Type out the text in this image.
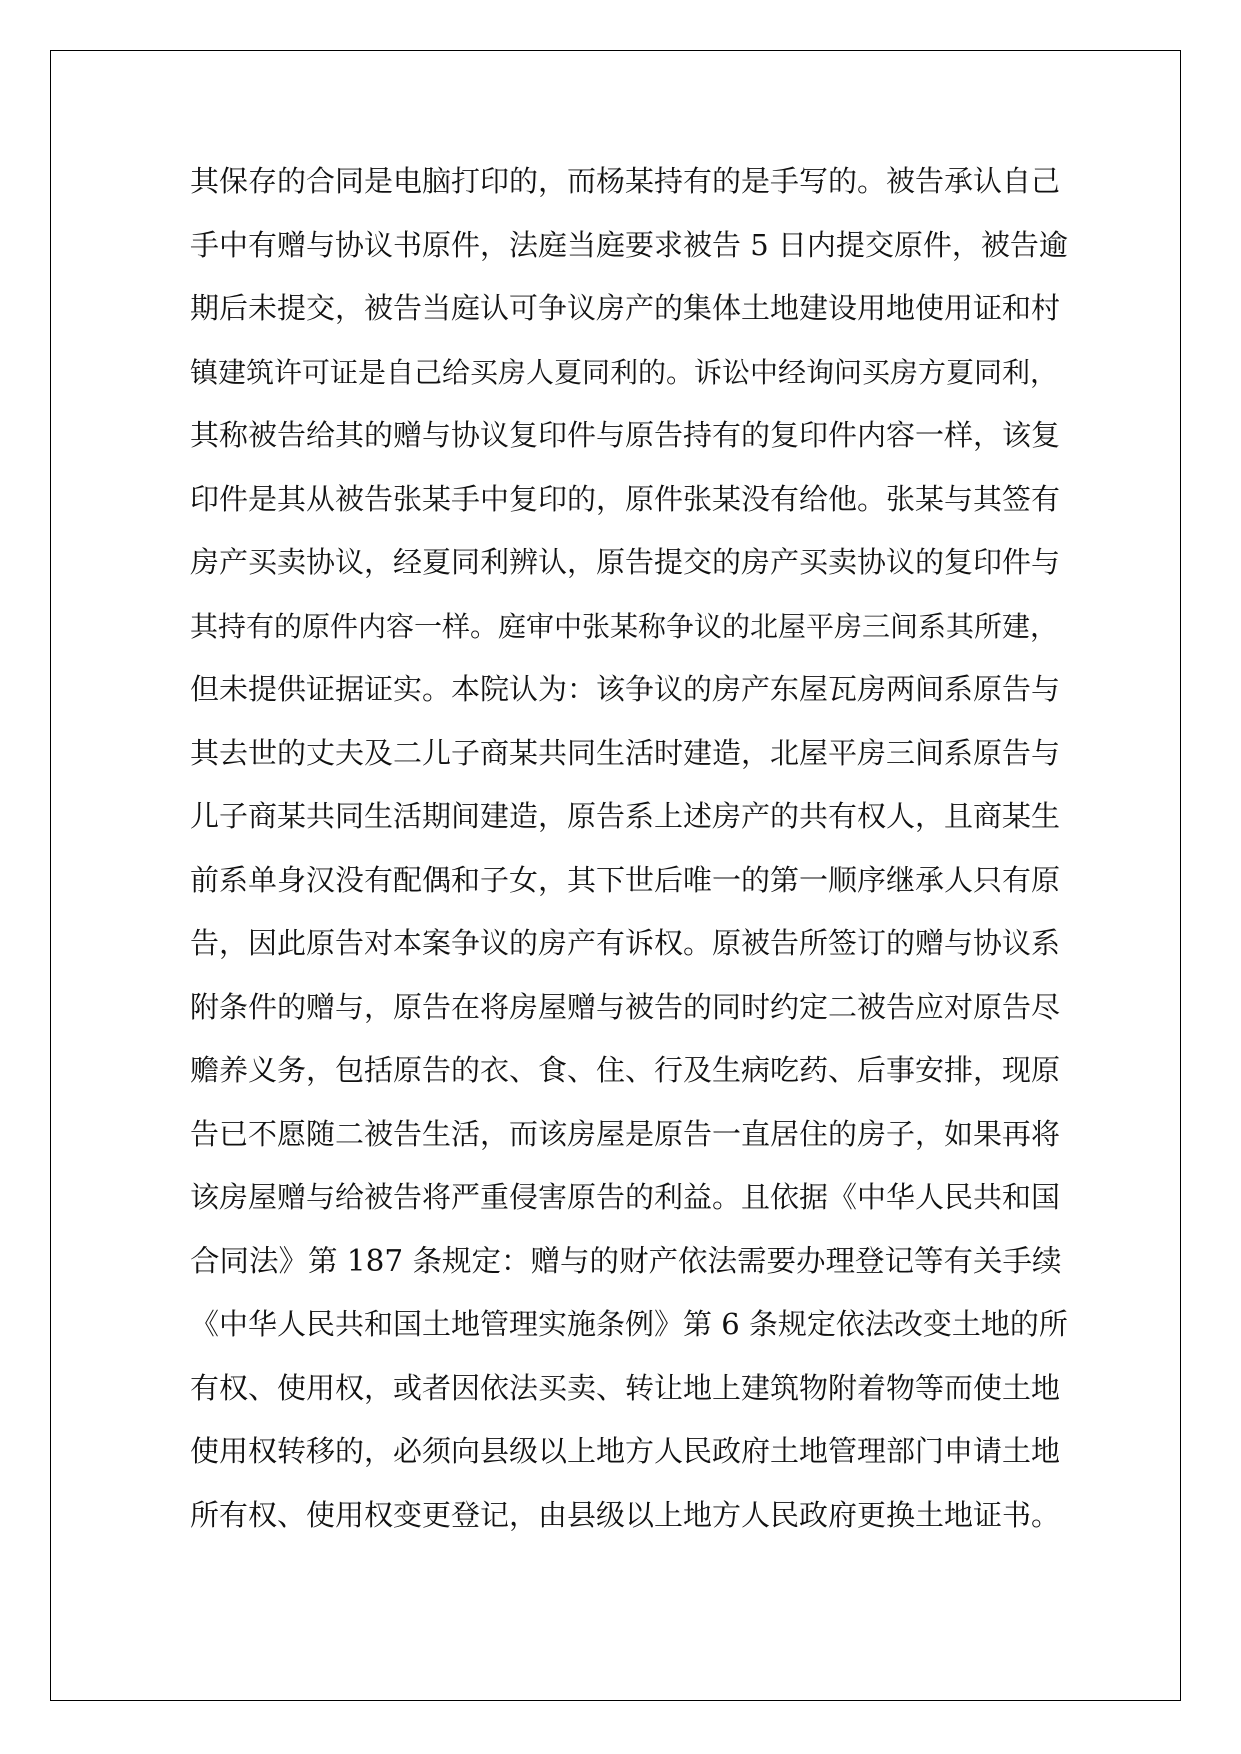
其保存的合同是电脑打印的，而杨某持有的是手写的。被告承认自己
手中有赠与协议书原件，法庭当庭要求被告 5 日内提交原件，被告逾
期后未提交，被告当庭认可争议房产的集体土地建设用地使用证和村
镇建筑许可证是自己给买房人夏同利的。诉讼中经询问买房方夏同利，
其称被告给其的赠与协议复印件与原告持有的复印件内容一样，该复
印件是其从被告张某手中复印的，原件张某没有给他。张某与其签有
房产买卖协议，经夏同利辨认，原告提交的房产买卖协议的复印件与
其持有的原件内容一样。庭审中张某称争议的北屋平房三间系其所建，
但未提供证据证实。本院认为：该争议的房产东屋瓦房两间系原告与
其去世的丈夫及二儿子商某共同生活时建造，北屋平房三间系原告与
儿子商某共同生活期间建造，原告系上述房产的共有权人，且商某生
前系单身汉没有配偶和子女，其下世后唯一的第一顺序继承人只有原
告，因此原告对本案争议的房产有诉权。原被告所签订的赠与协议系
附条件的赠与，原告在将房屋赠与被告的同时约定二被告应对原告尽
赡养义务，包括原告的衣、食、住、行及生病吃药、后事安排，现原
告已不愿随二被告生活，而该房屋是原告一直居住的房子，如果再将
该房屋赠与给被告将严重侵害原告的利益。且依据《中华人民共和国
合同法》第 187 条规定：赠与的财产依法需要办理登记等有关手续
《中华人民共和国土地管理实施条例》第 6 条规定依法改变土地的所
有权、使用权，或者因依法买卖、转让地上建筑物附着物等而使土地
使用权转移的，必须向县级以上地方人民政府土地管理部门申请土地
所有权、使用权变更登记，由县级以上地方人民政府更换土地证书。
